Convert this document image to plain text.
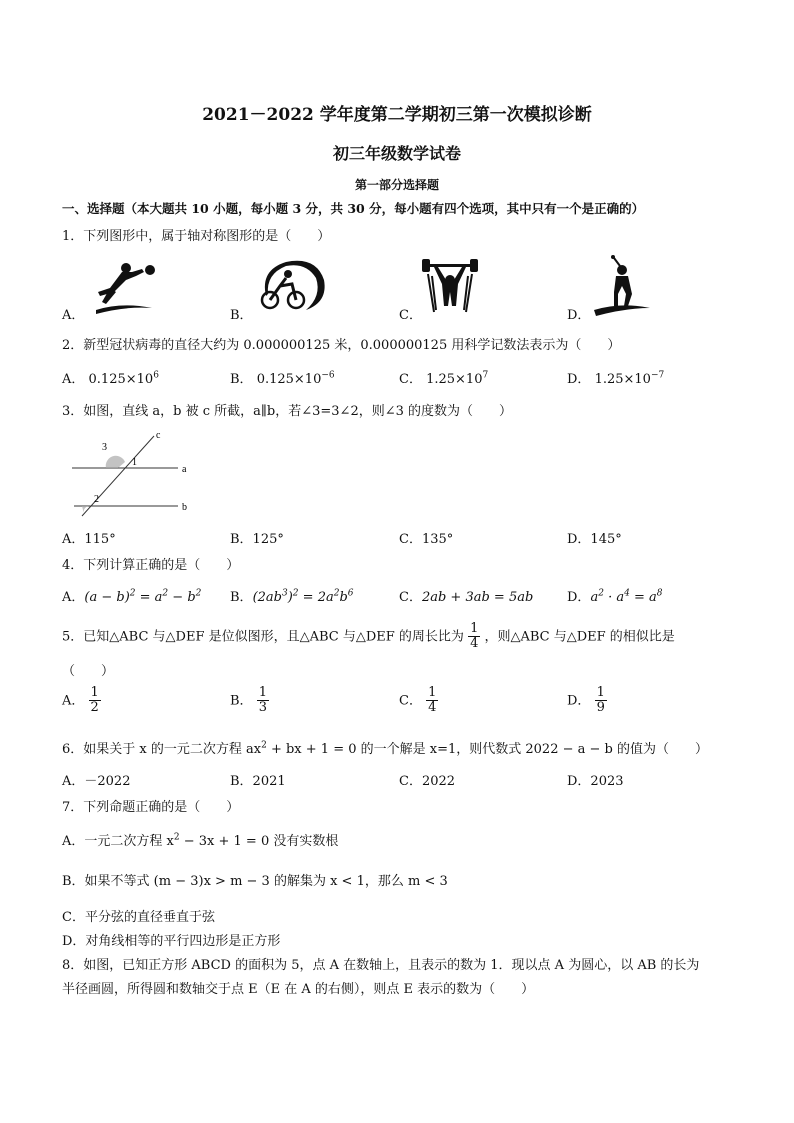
2021－2022 学年度第二学期初三第一次模拟诊断
初三年级数学试卷
第一部分选择题
一、选择题（本大题共 10 小题，每小题 3 分，共 30 分，每小题有四个选项，其中只有一个是正确的）
1．下列图形中，属于轴对称图形的是（　　）
A．	B．	C．	D．
2．新型冠状病毒的直径大约为 0.000000125 米，0.000000125 用科学记数法表示为（　　）
A． $0.125\times 10^6$	B． $0.125\times 10^{-6}$	C． $1.25\times 10^7$	D． $1.25\times 10^{-7}$
3．如图，直线 a，b 被 c 所截，a∥b，若∠3=3∠2，则∠3 的度数为（　　）
c
a
b
1
2
3
A．115°	B．125°	C．135°	D．145°
4．下列计算正确的是（　　）
A．$(a - b)^2 = a^2 - b^2$ B．$(2ab^3)^2 = 2a^2b^6$	C．2ab + 3ab = 5ab	D．$a^2 \cdot a^4 = a^8$
5．已知△ABC 与△DEF 是位似图形，且△ABC 与△DEF 的周长比为 $\frac{1}{4}$ ，则△ABC 与△DEF 的相似比是
（　　）
A． $\frac{1}{2}$	B． $\frac{1}{3}$	C． $\frac{1}{4}$	D． $\frac{1}{9}$
6．如果关于 x 的一元二次方程 $ax^2$ + bx + 1 = 0 的一个解是 x=1，则代数式 2022 − a − b 的值为（　　）
A．－2022	B．2021	C．2022	D．2023
7．下列命题正确的是（　　）
A．一元二次方程 $x^2 - 3x + 1 = 0$ 没有实数根
B．如果不等式 (m − 3)x > m − 3 的解集为 x < 1，那么 m < 3
C．平分弦的直径垂直于弦
D．对角线相等的平行四边形是正方形
8．如图，已知正方形 ABCD 的面积为 5，点 A 在数轴上，且表示的数为 1．现以点 A 为圆心，以 AB 的长为
半径画圆，所得圆和数轴交于点 E（E 在 A 的右侧），则点 E 表示的数为（　　）
